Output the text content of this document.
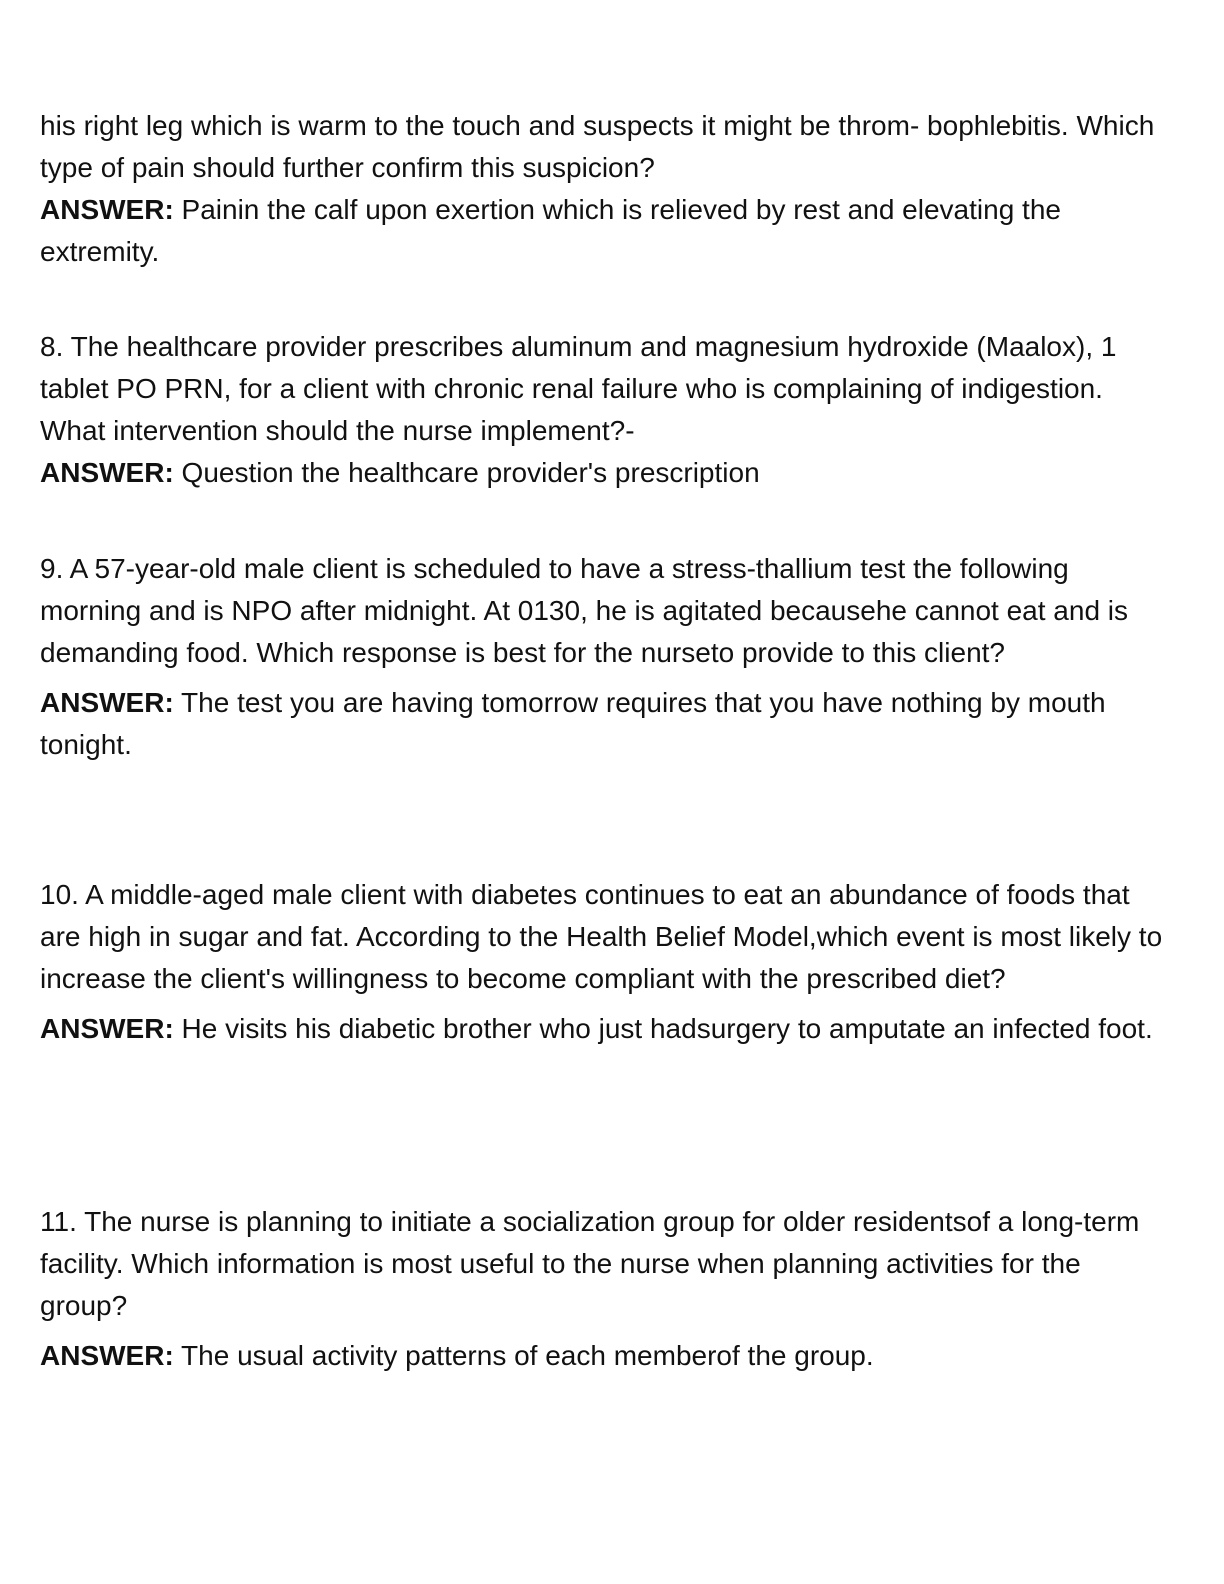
his right leg which is warm to the touch and suspects it might be throm- bophlebitis. Which type of pain should further confirm this suspicion?

ANSWER: Painin the calf upon exertion which is relieved by rest and elevating the extremity.

8. The healthcare provider prescribes aluminum and magnesium hydroxide (Maalox), 1 tablet PO PRN, for a client with chronic renal failure who is complaining of indigestion. What intervention should the nurse implement?-

ANSWER: Question the healthcare provider's prescription

9. A 57-year-old male client is scheduled to have a stress-thallium test the following morning and is NPO after midnight. At 0130, he is agitated becausehe cannot eat and is demanding food. Which response is best for the nurseto provide to this client?

ANSWER: The test you are having tomorrow requires that you have nothing by mouth tonight.

10. A middle-aged male client with diabetes continues to eat an abundance of foods that are high in sugar and fat. According to the Health Belief Model,which event is most likely to increase the client's willingness to become compliant with the prescribed diet?

ANSWER: He visits his diabetic brother who just hadsurgery to amputate an infected foot.

11. The nurse is planning to initiate a socialization group for older residentsof a long-term facility. Which information is most useful to the nurse when planning activities for the group?

ANSWER: The usual activity patterns of each memberof the group.
